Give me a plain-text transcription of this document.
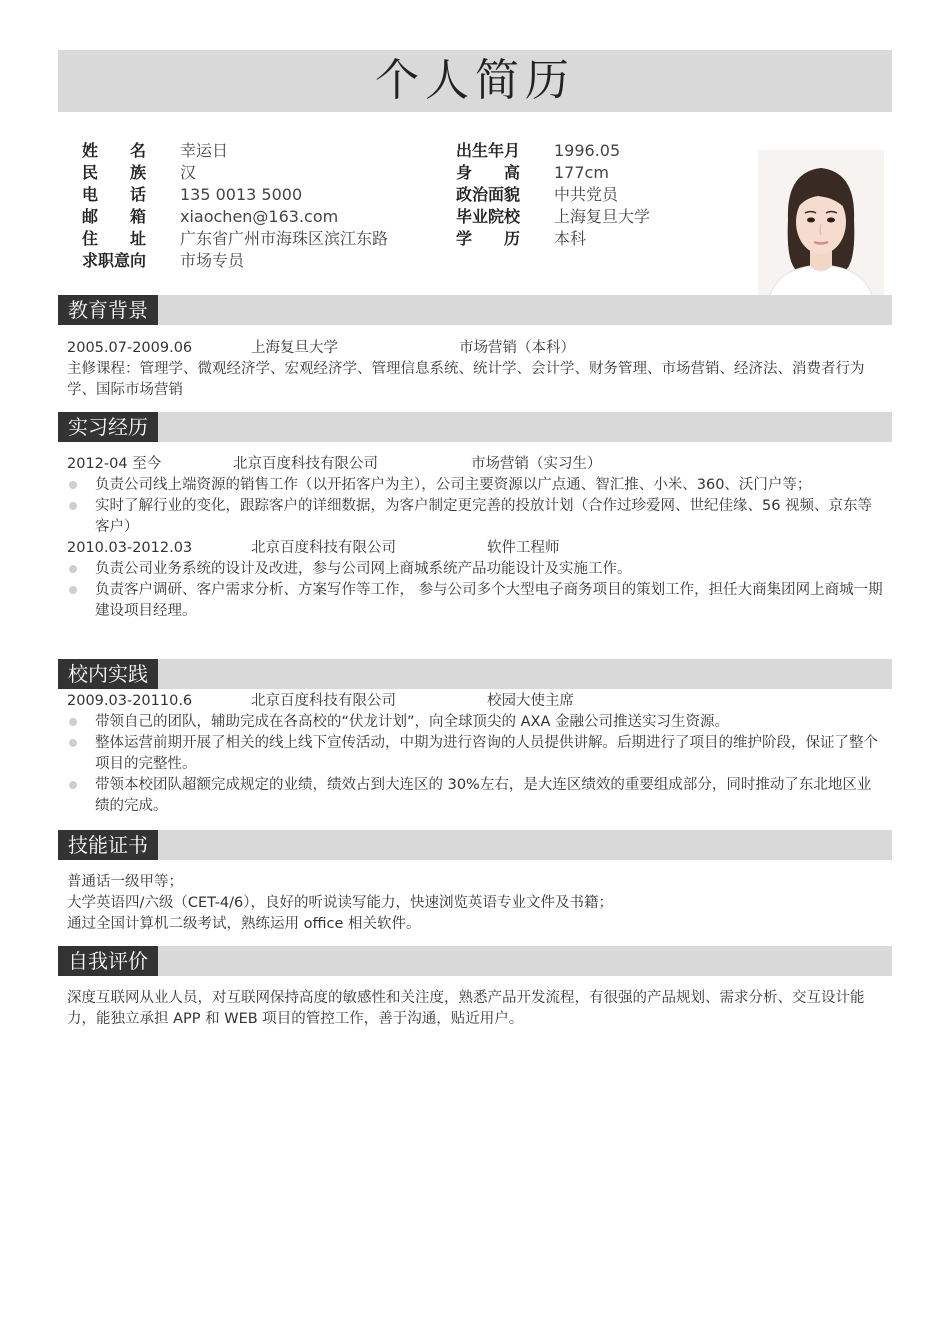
个人简历
姓名 幸运日	出生年月 1996.05
民族 汉	身高 177cm
电话 135 0013 5000	政治面貌 中共党员
邮箱 xiaochen@163.com	毕业院校 上海复旦大学
住址 广东省广州市海珠区滨江东路	学历 本科
求职意向 市场专员
教育背景
2005.07-2009.06	上海复旦大学	市场营销（本科）
主修课程：管理学、微观经济学、宏观经济学、管理信息系统、统计学、会计学、财务管理、市场营销、经济法、消费者行为学、国际市场营销
实习经历
2012-04 至今	北京百度科技有限公司	市场营销（实习生）
负责公司线上端资源的销售工作（以开拓客户为主），公司主要资源以广点通、智汇推、小米、360、沃门户等；
实时了解行业的变化，跟踪客户的详细数据，为客户制定更完善的投放计划（合作过珍爱网、世纪佳缘、56 视频、京东等客户）
2010.03-2012.03	北京百度科技有限公司	软件工程师
负责公司业务系统的设计及改进，参与公司网上商城系统产品功能设计及实施工作。
负责客户调研、客户需求分析、方案写作等工作， 参与公司多个大型电子商务项目的策划工作，担任大商集团网上商城一期建设项目经理。
校内实践
2009.03-20110.6	北京百度科技有限公司	校园大使主席
带领自己的团队，辅助完成在各高校的“伏龙计划”，向全球顶尖的 AXA 金融公司推送实习生资源。
整体运营前期开展了相关的线上线下宣传活动，中期为进行咨询的人员提供讲解。后期进行了项目的维护阶段，保证了整个项目的完整性。
带领本校团队超额完成规定的业绩，绩效占到大连区的 30%左右，是大连区绩效的重要组成部分，同时推动了东北地区业绩的完成。
技能证书
普通话一级甲等；
大学英语四/六级（CET-4/6），良好的听说读写能力，快速浏览英语专业文件及书籍；
通过全国计算机二级考试，熟练运用 office 相关软件。
自我评价
深度互联网从业人员，对互联网保持高度的敏感性和关注度，熟悉产品开发流程，有很强的产品规划、需求分析、交互设计能力，能独立承担 APP 和 WEB 项目的管控工作，善于沟通，贴近用户。
